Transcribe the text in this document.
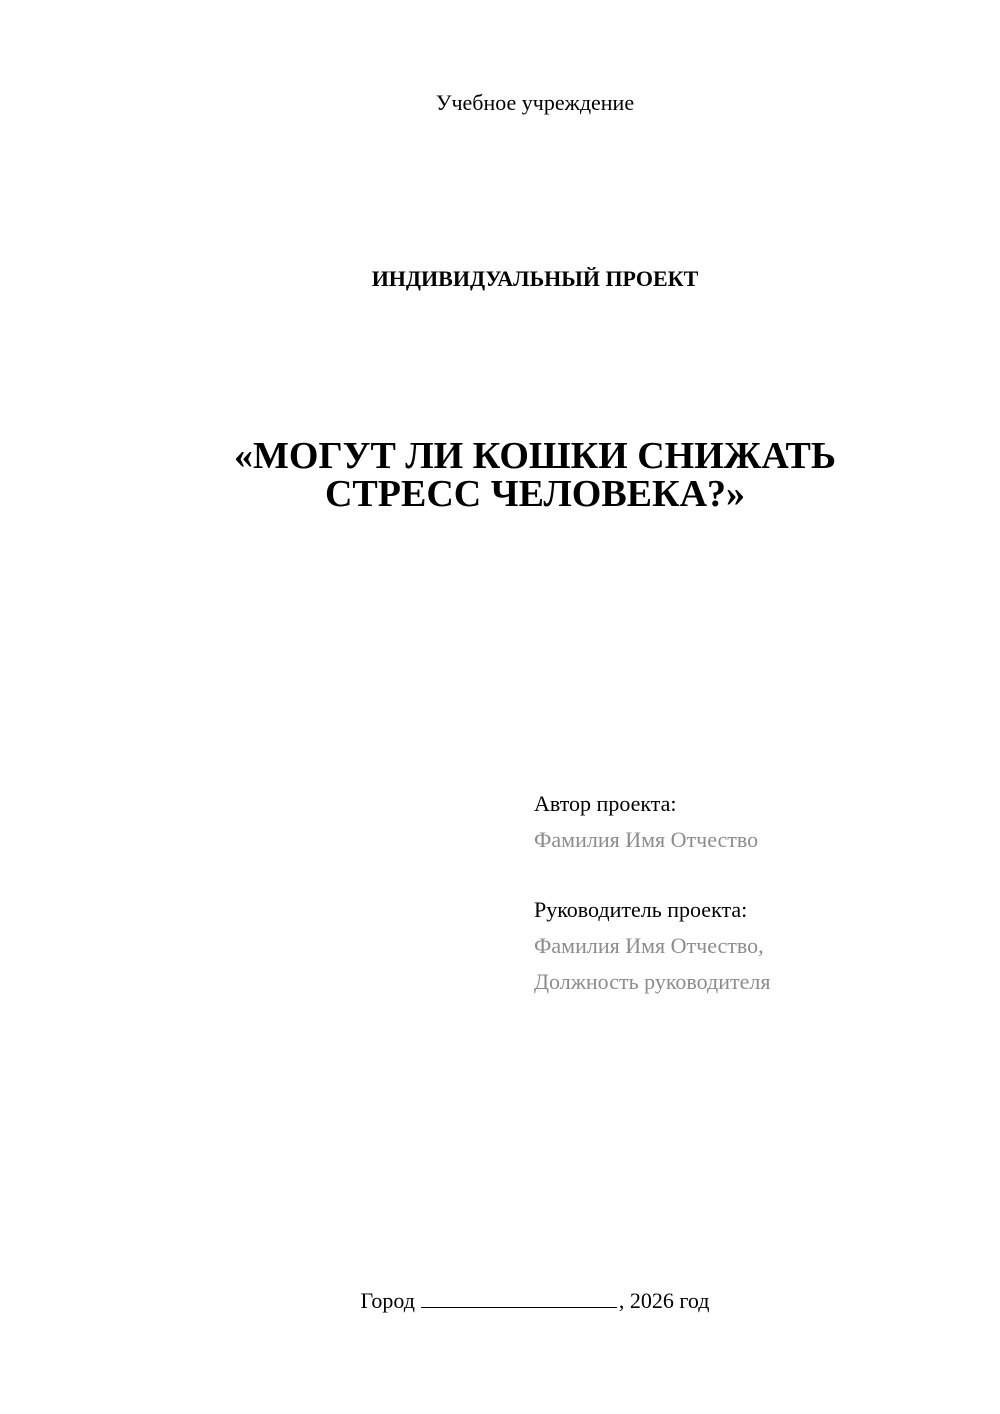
Учебное учреждение
ИНДИВИДУАЛЬНЫЙ ПРОЕКТ
«МОГУТ ЛИ КОШКИ СНИЖАТЬ
СТРЕСС ЧЕЛОВЕКА?»
Автор проекта:
Фамилия Имя Отчество
Руководитель проекта:
Фамилия Имя Отчество,
Должность руководителя
Город	, 2026 год
